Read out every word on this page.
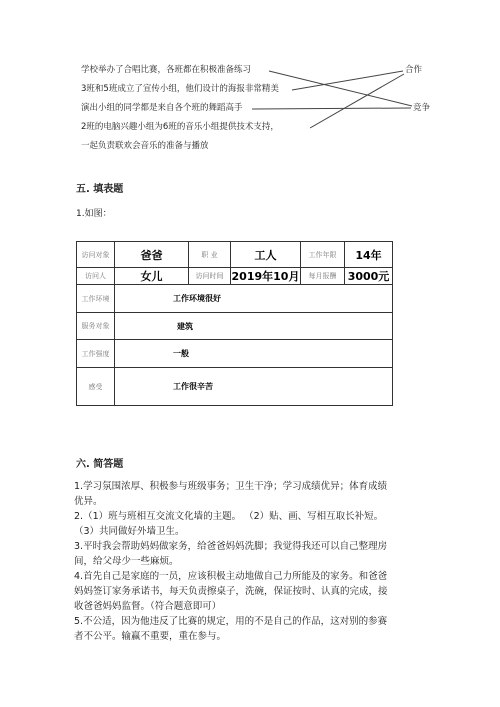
学校举办了合唱比赛，各班都在积极准备练习
3班和5班成立了宣传小组，他们设计的海报非常精美
演出小组的同学都是来自各个班的舞蹈高手
2班的电脑兴趣小组为6班的音乐小组提供技术支持，
一起负责联欢会音乐的准备与播放
合作
竞争
五. 填表题
1.如图：
访问对象	爸爸	职 业	工人	工作年限	14年
访问人	女儿	访问时间	2019年10月	每月报酬	3000元
工作环境	工作环境很好				
服务对象	建筑				
工作强度	一般				
感受	工作很辛苦				
六. 简答题

1.学习氛围浓厚、积极参与班级事务；卫生干净；学习成绩优异；体育成绩优异。

2.（1）班与班相互交流文化墙的主题。 （2）贴、画、写相互取长补短。

（3）共同做好外墙卫生。

3.平时我会帮助妈妈做家务，给爸爸妈妈洗脚；我觉得我还可以自己整理房间，给父母少一些麻烦。

4.首先自己是家庭的一员，应该积极主动地做自己力所能及的家务。和爸爸妈妈签订家务承诺书，每天负责擦桌子，洗碗，保证按时、认真的完成，接收爸爸妈妈监督。（符合题意即可）

5.不公适，因为他违反了比赛的规定，用的不是自己的作品，这对别的参赛者不公平。输赢不重要，重在参与。
